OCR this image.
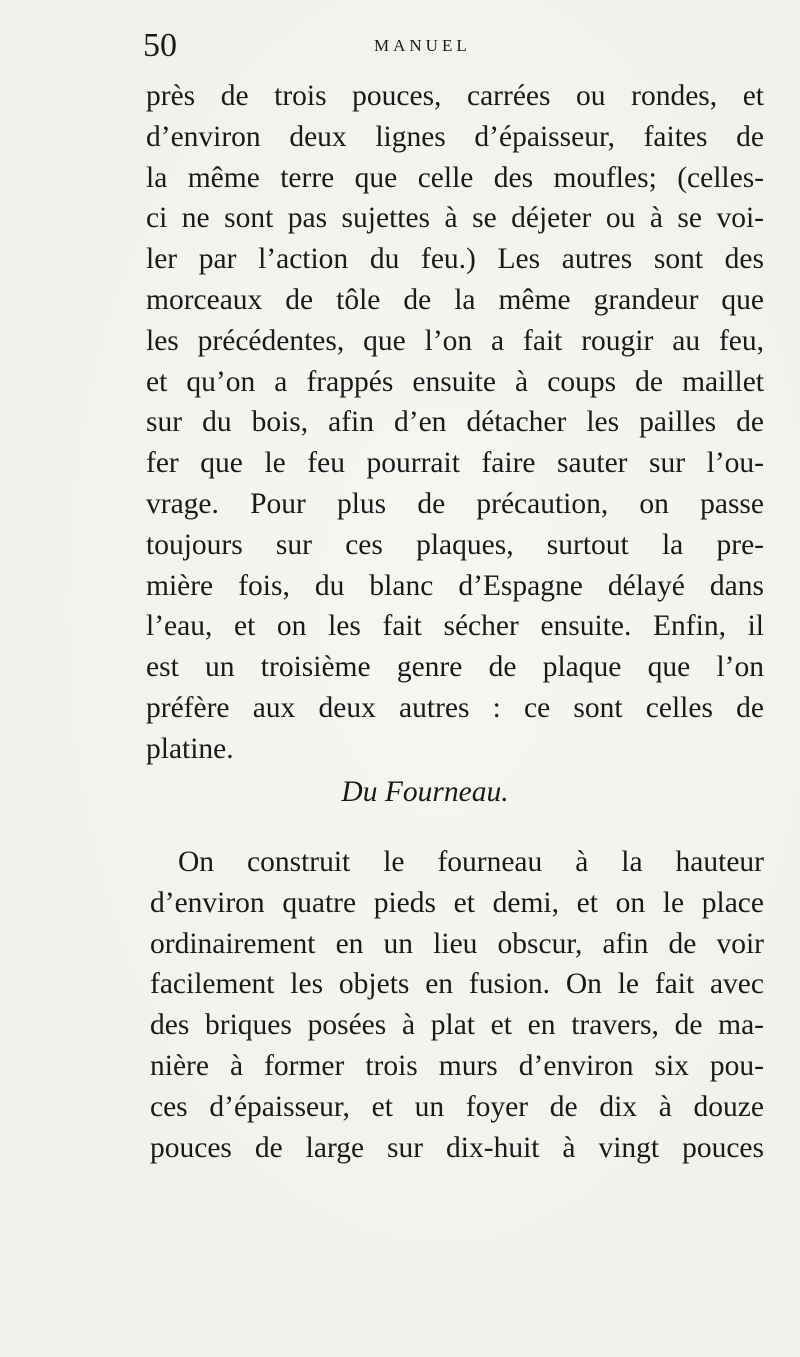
50	MANUEL
près de trois pouces, carrées ou rondes, et
d’environ deux lignes d’épaisseur, faites de
la même terre que celle des moufles; (celles-
ci ne sont pas sujettes à se déjeter ou à se voi-
ler par l’action du feu.) Les autres sont des
morceaux de tôle de la même grandeur que
les précédentes, que l’on a fait rougir au feu,
et qu’on a frappés ensuite à coups de maillet
sur du bois, afin d’en détacher les pailles de
fer que le feu pourrait faire sauter sur l’ou-
vrage. Pour plus de précaution, on passe
toujours sur ces plaques, surtout la pre-
mière fois, du blanc d’Espagne délayé dans
l’eau, et on les fait sécher ensuite. Enfin, il
est un troisième genre de plaque que l’on
préfère aux deux autres : ce sont celles de
platine.
Du Fourneau.
On construit le fourneau à la hauteur
d’environ quatre pieds et demi, et on le place
ordinairement en un lieu obscur, afin de voir
facilement les objets en fusion. On le fait avec
des briques posées à plat et en travers, de ma-
nière à former trois murs d’environ six pou-
ces d’épaisseur, et un foyer de dix à douze
pouces de large sur dix-huit à vingt pouces
